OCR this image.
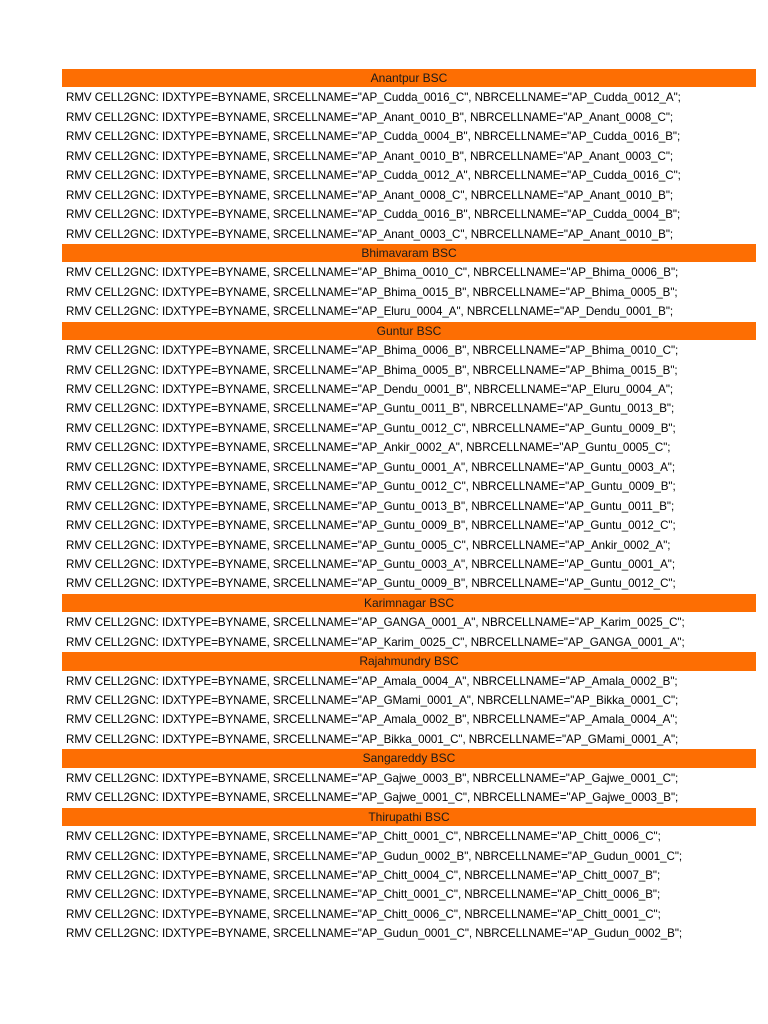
Anantpur BSC
RMV CELL2GNC: IDXTYPE=BYNAME, SRCELLNAME="AP_Cudda_0016_C", NBRCELLNAME="AP_Cudda_0012_A";
RMV CELL2GNC: IDXTYPE=BYNAME, SRCELLNAME="AP_Anant_0010_B", NBRCELLNAME="AP_Anant_0008_C";
RMV CELL2GNC: IDXTYPE=BYNAME, SRCELLNAME="AP_Cudda_0004_B", NBRCELLNAME="AP_Cudda_0016_B";
RMV CELL2GNC: IDXTYPE=BYNAME, SRCELLNAME="AP_Anant_0010_B", NBRCELLNAME="AP_Anant_0003_C";
RMV CELL2GNC: IDXTYPE=BYNAME, SRCELLNAME="AP_Cudda_0012_A", NBRCELLNAME="AP_Cudda_0016_C";
RMV CELL2GNC: IDXTYPE=BYNAME, SRCELLNAME="AP_Anant_0008_C", NBRCELLNAME="AP_Anant_0010_B";
RMV CELL2GNC: IDXTYPE=BYNAME, SRCELLNAME="AP_Cudda_0016_B", NBRCELLNAME="AP_Cudda_0004_B";
RMV CELL2GNC: IDXTYPE=BYNAME, SRCELLNAME="AP_Anant_0003_C", NBRCELLNAME="AP_Anant_0010_B";
Bhimavaram BSC
RMV CELL2GNC: IDXTYPE=BYNAME, SRCELLNAME="AP_Bhima_0010_C", NBRCELLNAME="AP_Bhima_0006_B";
RMV CELL2GNC: IDXTYPE=BYNAME, SRCELLNAME="AP_Bhima_0015_B", NBRCELLNAME="AP_Bhima_0005_B";
RMV CELL2GNC: IDXTYPE=BYNAME, SRCELLNAME="AP_Eluru_0004_A", NBRCELLNAME="AP_Dendu_0001_B";
Guntur BSC
RMV CELL2GNC: IDXTYPE=BYNAME, SRCELLNAME="AP_Bhima_0006_B", NBRCELLNAME="AP_Bhima_0010_C";
RMV CELL2GNC: IDXTYPE=BYNAME, SRCELLNAME="AP_Bhima_0005_B", NBRCELLNAME="AP_Bhima_0015_B";
RMV CELL2GNC: IDXTYPE=BYNAME, SRCELLNAME="AP_Dendu_0001_B", NBRCELLNAME="AP_Eluru_0004_A";
RMV CELL2GNC: IDXTYPE=BYNAME, SRCELLNAME="AP_Guntu_0011_B", NBRCELLNAME="AP_Guntu_0013_B";
RMV CELL2GNC: IDXTYPE=BYNAME, SRCELLNAME="AP_Guntu_0012_C", NBRCELLNAME="AP_Guntu_0009_B";
RMV CELL2GNC: IDXTYPE=BYNAME, SRCELLNAME="AP_Ankir_0002_A", NBRCELLNAME="AP_Guntu_0005_C";
RMV CELL2GNC: IDXTYPE=BYNAME, SRCELLNAME="AP_Guntu_0001_A", NBRCELLNAME="AP_Guntu_0003_A";
RMV CELL2GNC: IDXTYPE=BYNAME, SRCELLNAME="AP_Guntu_0012_C", NBRCELLNAME="AP_Guntu_0009_B";
RMV CELL2GNC: IDXTYPE=BYNAME, SRCELLNAME="AP_Guntu_0013_B", NBRCELLNAME="AP_Guntu_0011_B";
RMV CELL2GNC: IDXTYPE=BYNAME, SRCELLNAME="AP_Guntu_0009_B", NBRCELLNAME="AP_Guntu_0012_C";
RMV CELL2GNC: IDXTYPE=BYNAME, SRCELLNAME="AP_Guntu_0005_C", NBRCELLNAME="AP_Ankir_0002_A";
RMV CELL2GNC: IDXTYPE=BYNAME, SRCELLNAME="AP_Guntu_0003_A", NBRCELLNAME="AP_Guntu_0001_A";
RMV CELL2GNC: IDXTYPE=BYNAME, SRCELLNAME="AP_Guntu_0009_B", NBRCELLNAME="AP_Guntu_0012_C";
Karimnagar BSC
RMV CELL2GNC: IDXTYPE=BYNAME, SRCELLNAME="AP_GANGA_0001_A", NBRCELLNAME="AP_Karim_0025_C";
RMV CELL2GNC: IDXTYPE=BYNAME, SRCELLNAME="AP_Karim_0025_C", NBRCELLNAME="AP_GANGA_0001_A";
Rajahmundry BSC
RMV CELL2GNC: IDXTYPE=BYNAME, SRCELLNAME="AP_Amala_0004_A", NBRCELLNAME="AP_Amala_0002_B";
RMV CELL2GNC: IDXTYPE=BYNAME, SRCELLNAME="AP_GMami_0001_A", NBRCELLNAME="AP_Bikka_0001_C";
RMV CELL2GNC: IDXTYPE=BYNAME, SRCELLNAME="AP_Amala_0002_B", NBRCELLNAME="AP_Amala_0004_A";
RMV CELL2GNC: IDXTYPE=BYNAME, SRCELLNAME="AP_Bikka_0001_C", NBRCELLNAME="AP_GMami_0001_A";
Sangareddy BSC
RMV CELL2GNC: IDXTYPE=BYNAME, SRCELLNAME="AP_Gajwe_0003_B", NBRCELLNAME="AP_Gajwe_0001_C";
RMV CELL2GNC: IDXTYPE=BYNAME, SRCELLNAME="AP_Gajwe_0001_C", NBRCELLNAME="AP_Gajwe_0003_B";
Thirupathi BSC
RMV CELL2GNC: IDXTYPE=BYNAME, SRCELLNAME="AP_Chitt_0001_C", NBRCELLNAME="AP_Chitt_0006_C";
RMV CELL2GNC: IDXTYPE=BYNAME, SRCELLNAME="AP_Gudun_0002_B", NBRCELLNAME="AP_Gudun_0001_C";
RMV CELL2GNC: IDXTYPE=BYNAME, SRCELLNAME="AP_Chitt_0004_C", NBRCELLNAME="AP_Chitt_0007_B";
RMV CELL2GNC: IDXTYPE=BYNAME, SRCELLNAME="AP_Chitt_0001_C", NBRCELLNAME="AP_Chitt_0006_B";
RMV CELL2GNC: IDXTYPE=BYNAME, SRCELLNAME="AP_Chitt_0006_C", NBRCELLNAME="AP_Chitt_0001_C";
RMV CELL2GNC: IDXTYPE=BYNAME, SRCELLNAME="AP_Gudun_0001_C", NBRCELLNAME="AP_Gudun_0002_B";
